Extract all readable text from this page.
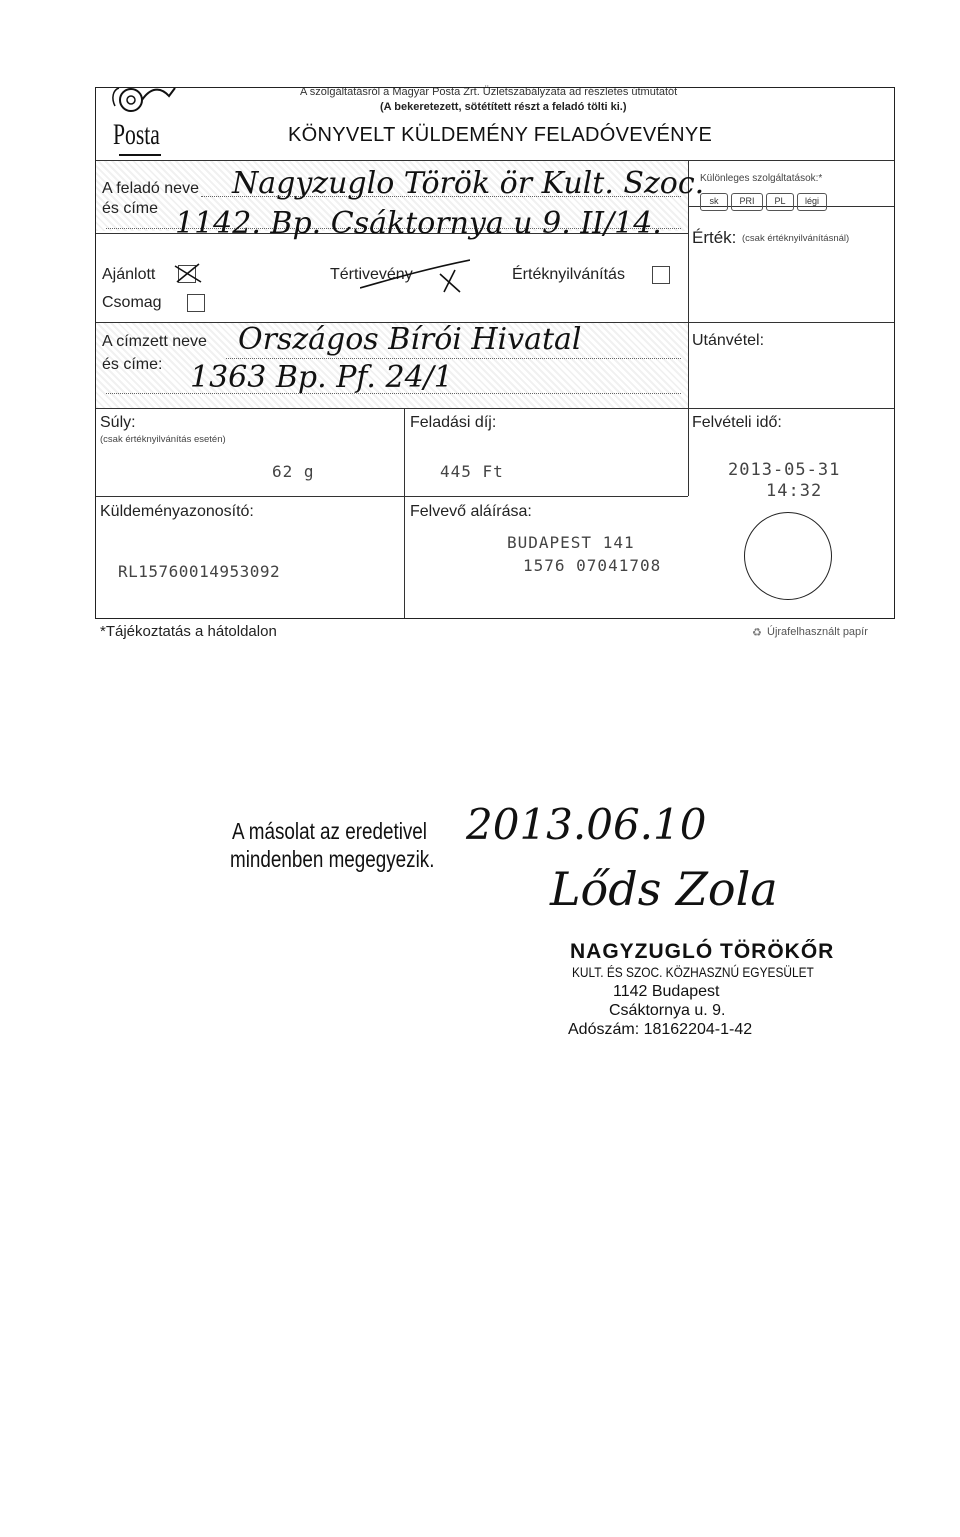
Posta
A szolgáltatásról a Magyar Posta Zrt. Üzletszabályzata ad részletes útmutatót
(A bekeretezett, sötétített részt a feladó tölti ki.)
KÖNYVELT KÜLDEMÉNY FELADÓVEVÉNYE
A feladó neve Nagyzuglo Török ör Kult. Szoc.
és címe 1142. Bp. Csáktornya u 9. II/14.
Különleges szolgáltatások:*
sk	PRI	PL	légi
Érték: (csak értéknyilvánításnál)
Ajánlott	Tértivevény	Értéknyilvánítás
Csomag
A címzett neve Országos Bírói Hivatal
és címe: 1363 Bp. Pf. 24/1
Utánvétel:
Súly:
(csak értéknyilvánítás esetén)
62 g
Feladási díj:
445 Ft
Felvételi idő:
2013-05-31
14:32
Küldeményazonosító:
RL15760014953092
Felvevő aláírása:
BUDAPEST 141
1576 07041708
*Tájékoztatás a hátoldalon	♻ Újrafelhasznált papír
A másolat az eredetivel
mindenben megegyezik.
2013.06.10
Lőds Zola
NAGYZUGLÓ TÖRÖKŐR
KULT. ÉS SZOC. KÖZHASZNÚ EGYESÜLET
1142 Budapest
Csáktornya u. 9.
Adószám: 18162204-1-42
